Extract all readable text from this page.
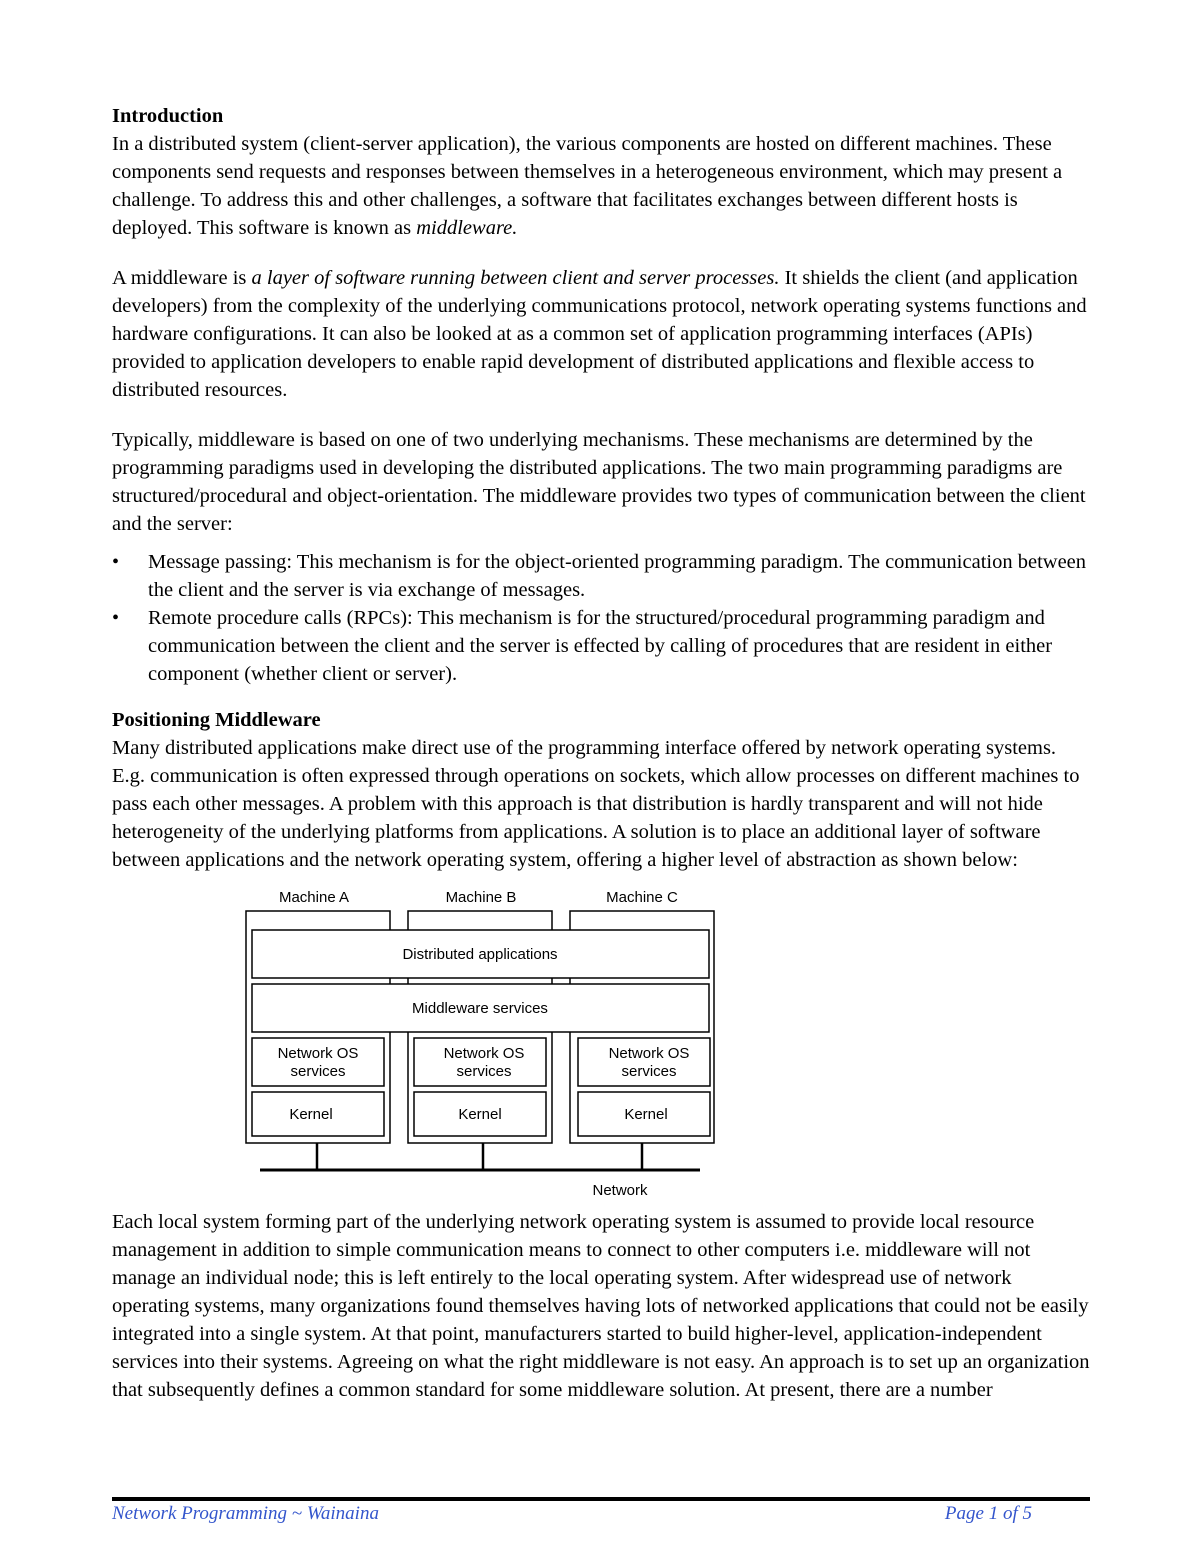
Introduction

In a distributed system (client-server application), the various components are hosted on different machines. These components send requests and responses between themselves in a heterogeneous environment, which may present a challenge. To address this and other challenges, a software that facilitates exchanges between different hosts is deployed. This software is known as middleware.

A middleware is a layer of software running between client and server processes. It shields the client (and application developers) from the complexity of the underlying communications protocol, network operating systems functions and hardware configurations. It can also be looked at as a common set of application programming interfaces (APIs) provided to application developers to enable rapid development of distributed applications and flexible access to distributed resources.

Typically, middleware is based on one of two underlying mechanisms. These mechanisms are determined by the programming paradigms used in developing the distributed applications. The two main programming paradigms are structured/procedural and object-orientation. The middleware provides two types of communication between the client and the server:

• Message passing: This mechanism is for the object-oriented programming paradigm. The communication between the client and the server is via exchange of messages.
• Remote procedure calls (RPCs): This mechanism is for the structured/procedural programming paradigm and communication between the client and the server is effected by calling of procedures that are resident in either component (whether client or server).
Positioning Middleware

Many distributed applications make direct use of the programming interface offered by network operating systems. E.g. communication is often expressed through operations on sockets, which allow processes on different machines to pass each other messages. A problem with this approach is that distribution is hardly transparent and will not hide heterogeneity of the underlying platforms from applications. A solution is to place an additional layer of software between applications and the network operating system, offering a higher level of abstraction as shown below:

Machine A	Machine B	Machine C
Distributed applications
Middleware services
Network OS
services
Network OS
services
Network OS
services
Kernel	Kernel	Kernel
Network

Each local system forming part of the underlying network operating system is assumed to provide local resource management in addition to simple communication means to connect to other computers i.e. middleware will not manage an individual node; this is left entirely to the local operating system. After widespread use of network operating systems, many organizations found themselves having lots of networked applications that could not be easily integrated into a single system. At that point, manufacturers started to build higher-level, application-independent services into their systems. Agreeing on what the right middleware is not easy. An approach is to set up an organization that subsequently defines a common standard for some middleware solution. At present, there are a number

Network Programming ~ Wainaina	Page 1 of 5
